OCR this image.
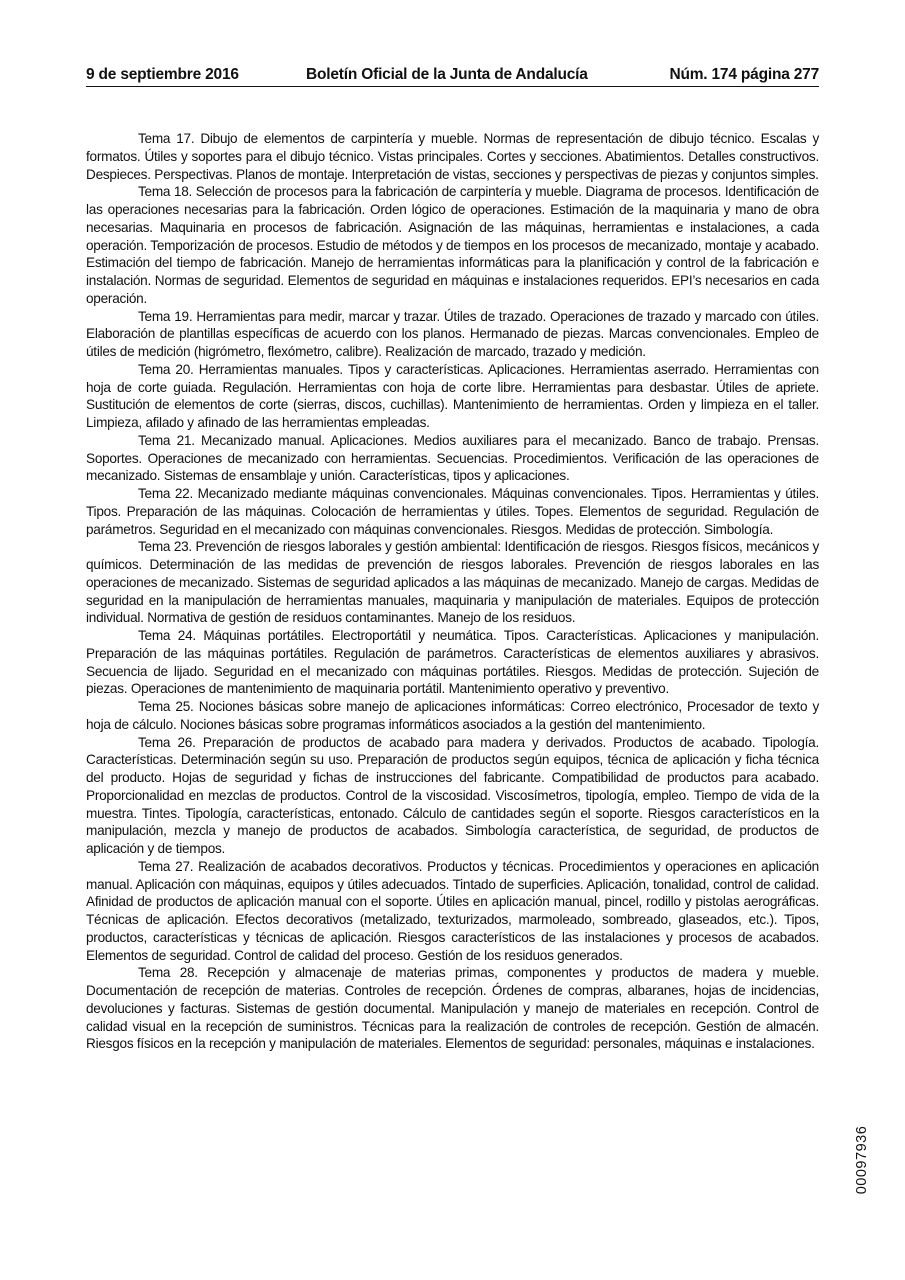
9 de septiembre 2016	Boletín Oficial de la Junta de Andalucía	Núm. 174 página 277

Tema 17. Dibujo de elementos de carpintería y mueble. Normas de representación de dibujo técnico. Escalas y formatos. Útiles y soportes para el dibujo técnico. Vistas principales. Cortes y secciones. Abatimientos. Detalles constructivos. Despieces. Perspectivas. Planos de montaje. Interpretación de vistas, secciones y perspectivas de piezas y conjuntos simples.

Tema 18. Selección de procesos para la fabricación de carpintería y mueble. Diagrama de procesos. Identificación de las operaciones necesarias para la fabricación. Orden lógico de operaciones. Estimación de la maquinaria y mano de obra necesarias. Maquinaria en procesos de fabricación. Asignación de las máquinas, herramientas e instalaciones, a cada operación. Temporización de procesos. Estudio de métodos y de tiempos en los procesos de mecanizado, montaje y acabado. Estimación del tiempo de fabricación. Manejo de herramientas informáticas para la planificación y control de la fabricación e instalación. Normas de seguridad. Elementos de seguridad en máquinas e instalaciones requeridos. EPI’s necesarios en cada operación.

Tema 19. Herramientas para medir, marcar y trazar. Útiles de trazado. Operaciones de trazado y marcado con útiles. Elaboración de plantillas específicas de acuerdo con los planos. Hermanado de piezas. Marcas convencionales. Empleo de útiles de medición (higrómetro, flexómetro, calibre). Realización de marcado, trazado y medición.

Tema 20. Herramientas manuales. Tipos y características. Aplicaciones. Herramientas aserrado. Herramientas con hoja de corte guiada. Regulación. Herramientas con hoja de corte libre. Herramientas para desbastar. Útiles de apriete. Sustitución de elementos de corte (sierras, discos, cuchillas). Mantenimiento de herramientas. Orden y limpieza en el taller. Limpieza, afilado y afinado de las herramientas empleadas.

Tema 21. Mecanizado manual. Aplicaciones. Medios auxiliares para el mecanizado. Banco de trabajo. Prensas. Soportes. Operaciones de mecanizado con herramientas. Secuencias. Procedimientos. Verificación de las operaciones de mecanizado. Sistemas de ensamblaje y unión. Características, tipos y aplicaciones.

Tema 22. Mecanizado mediante máquinas convencionales. Máquinas convencionales. Tipos. Herramientas y útiles. Tipos. Preparación de las máquinas. Colocación de herramientas y útiles. Topes. Elementos de seguridad. Regulación de parámetros. Seguridad en el mecanizado con máquinas convencionales. Riesgos. Medidas de protección. Simbología.

Tema 23. Prevención de riesgos laborales y gestión ambiental: Identificación de riesgos. Riesgos físicos, mecánicos y químicos. Determinación de las medidas de prevención de riesgos laborales. Prevención de riesgos laborales en las operaciones de mecanizado. Sistemas de seguridad aplicados a las máquinas de mecanizado. Manejo de cargas. Medidas de seguridad en la manipulación de herramientas manuales, maquinaria y manipulación de materiales. Equipos de protección individual. Normativa de gestión de residuos contaminantes. Manejo de los residuos.

Tema 24. Máquinas portátiles. Electroportátil y neumática. Tipos. Características. Aplicaciones y manipulación. Preparación de las máquinas portátiles. Regulación de parámetros. Características de elementos auxiliares y abrasivos. Secuencia de lijado. Seguridad en el mecanizado con máquinas portátiles. Riesgos. Medidas de protección. Sujeción de piezas. Operaciones de mantenimiento de maquinaria portátil. Mantenimiento operativo y preventivo.

Tema 25. Nociones básicas sobre manejo de aplicaciones informáticas: Correo electrónico, Procesador de texto y hoja de cálculo. Nociones básicas sobre programas informáticos asociados a la gestión del mantenimiento.

Tema 26. Preparación de productos de acabado para madera y derivados. Productos de acabado. Tipología. Características. Determinación según su uso. Preparación de productos según equipos, técnica de aplicación y ficha técnica del producto. Hojas de seguridad y fichas de instrucciones del fabricante. Compatibilidad de productos para acabado. Proporcionalidad en mezclas de productos. Control de la viscosidad. Viscosímetros, tipología, empleo. Tiempo de vida de la muestra. Tintes. Tipología, características, entonado. Cálculo de cantidades según el soporte. Riesgos característicos en la manipulación, mezcla y manejo de productos de acabados. Simbología característica, de seguridad, de productos de aplicación y de tiempos.

Tema 27. Realización de acabados decorativos. Productos y técnicas. Procedimientos y operaciones en aplicación manual. Aplicación con máquinas, equipos y útiles adecuados. Tintado de superficies. Aplicación, tonalidad, control de calidad. Afinidad de productos de aplicación manual con el soporte. Útiles en aplicación manual, pincel, rodillo y pistolas aerográficas. Técnicas de aplicación. Efectos decorativos (metalizado, texturizados, marmoleado, sombreado, glaseados, etc.). Tipos, productos, características y técnicas de aplicación. Riesgos característicos de las instalaciones y procesos de acabados. Elementos de seguridad. Control de calidad del proceso. Gestión de los residuos generados.

Tema 28. Recepción y almacenaje de materias primas, componentes y productos de madera y mueble. Documentación de recepción de materias. Controles de recepción. Órdenes de compras, albaranes, hojas de incidencias, devoluciones y facturas. Sistemas de gestión documental. Manipulación y manejo de materiales en recepción. Control de calidad visual en la recepción de suministros. Técnicas para la realización de controles de recepción. Gestión de almacén. Riesgos físicos en la recepción y manipulación de materiales. Elementos de seguridad: personales, máquinas e instalaciones.

00097936
